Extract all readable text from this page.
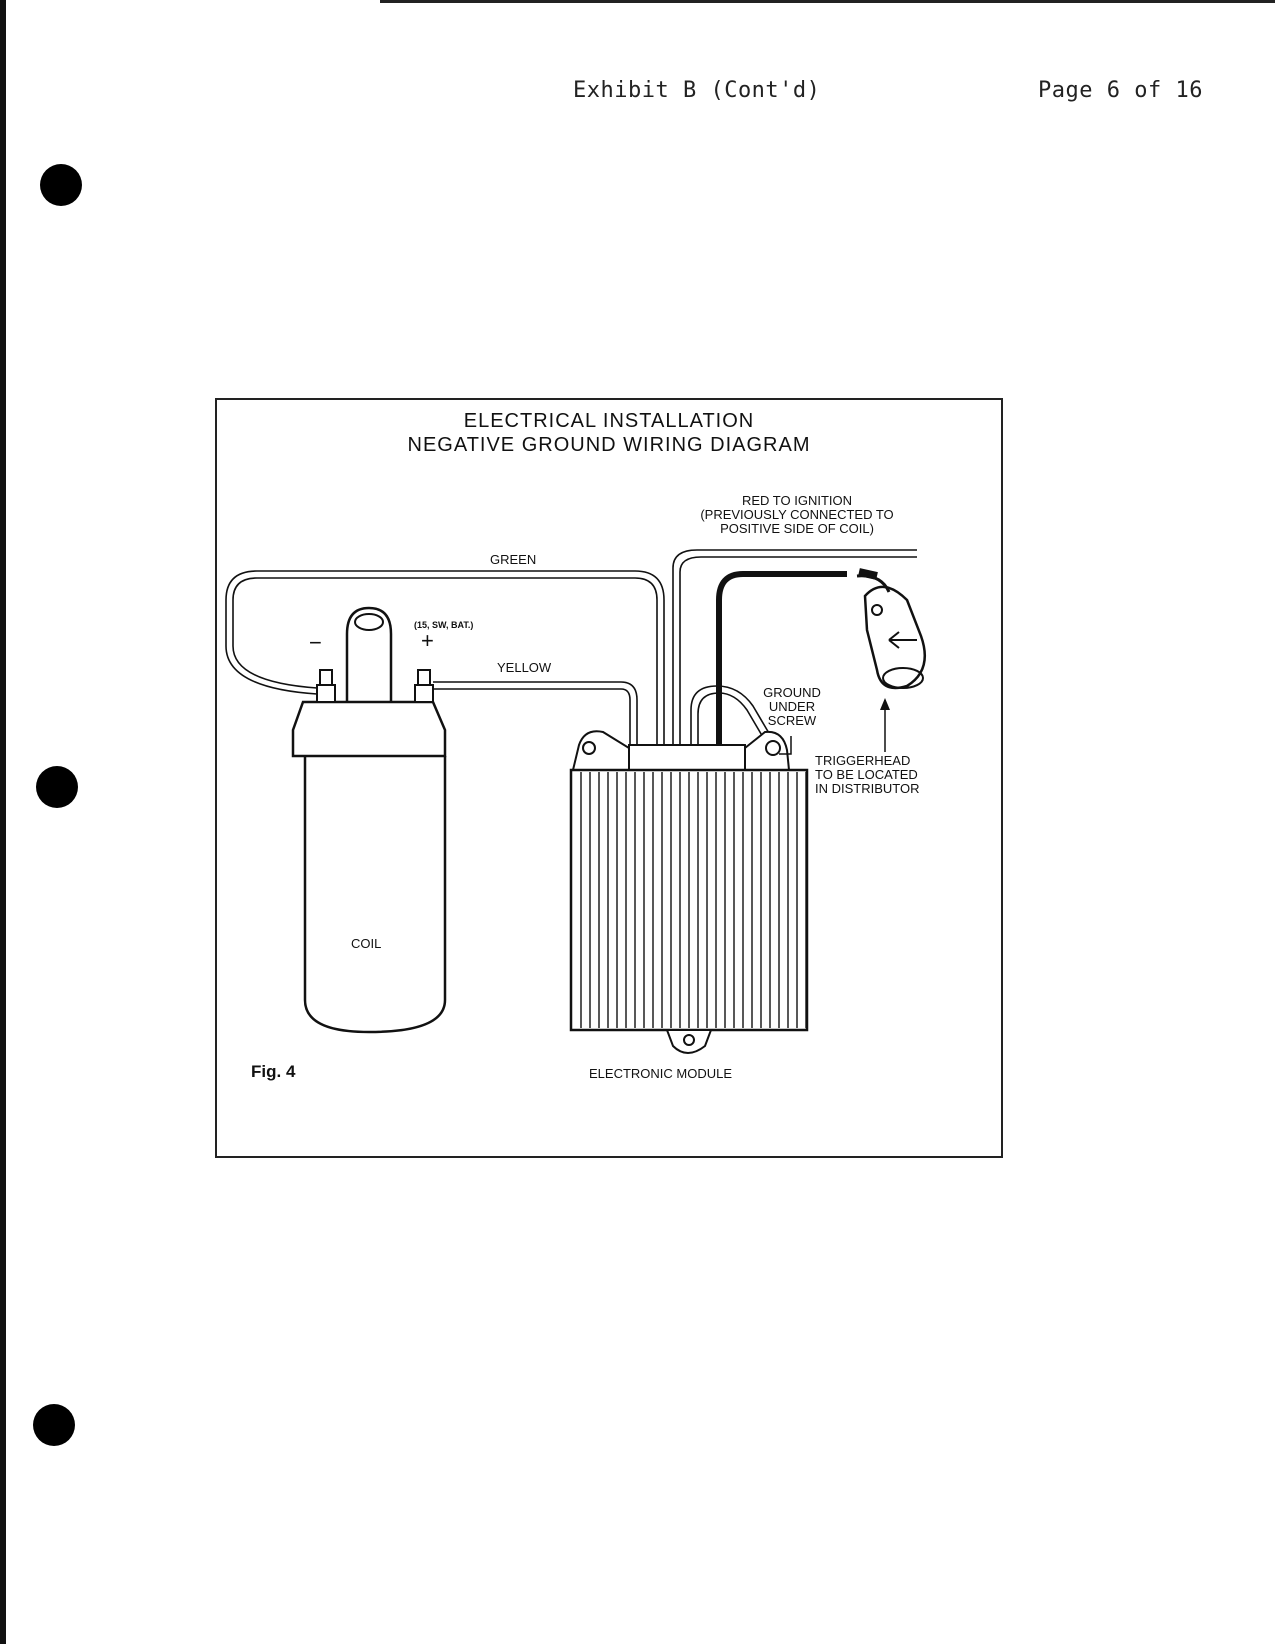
Exhibit B (Cont'd)	Page 6 of 16
ELECTRICAL INSTALLATION
NEGATIVE GROUND WIRING DIAGRAM
RED TO IGNITION
(PREVIOUSLY CONNECTED TO
POSITIVE SIDE OF COIL)
GREEN
YELLOW
(15, SW, BAT.)
+
−
GROUND
UNDER
SCREW
TRIGGERHEAD
TO BE LOCATED
IN DISTRIBUTOR
COIL
Fig. 4	ELECTRONIC MODULE
